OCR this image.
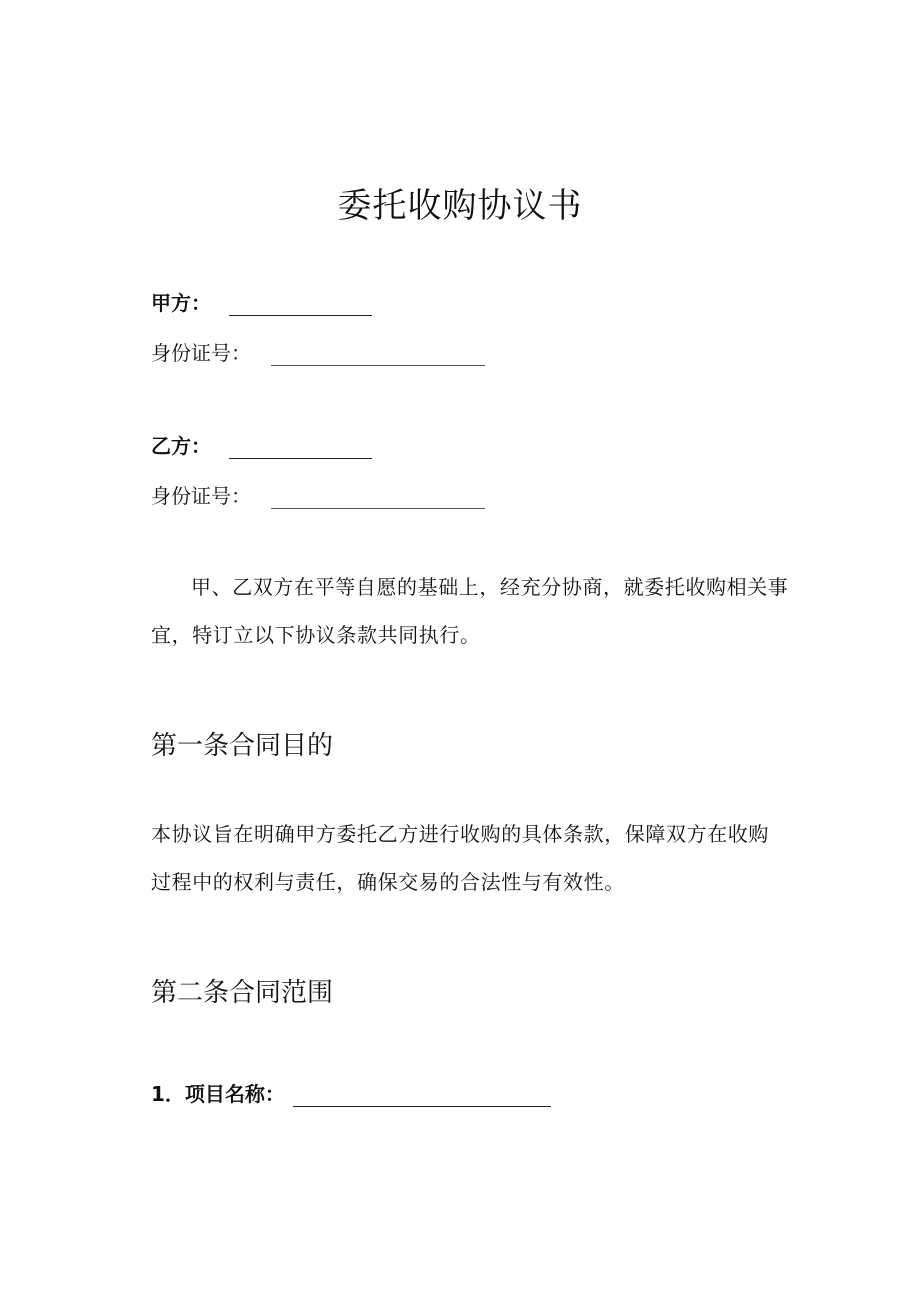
委托收购协议书
甲方：
身份证号：
乙方：
身份证号：
甲、乙双方在平等自愿的基础上，经充分协商，就委托收购相关事
宜，特订立以下协议条款共同执行。
第一条合同目的
本协议旨在明确甲方委托乙方进行收购的具体条款，保障双方在收购
过程中的权利与责任，确保交易的合法性与有效性。
第二条合同范围
1．项目名称：
